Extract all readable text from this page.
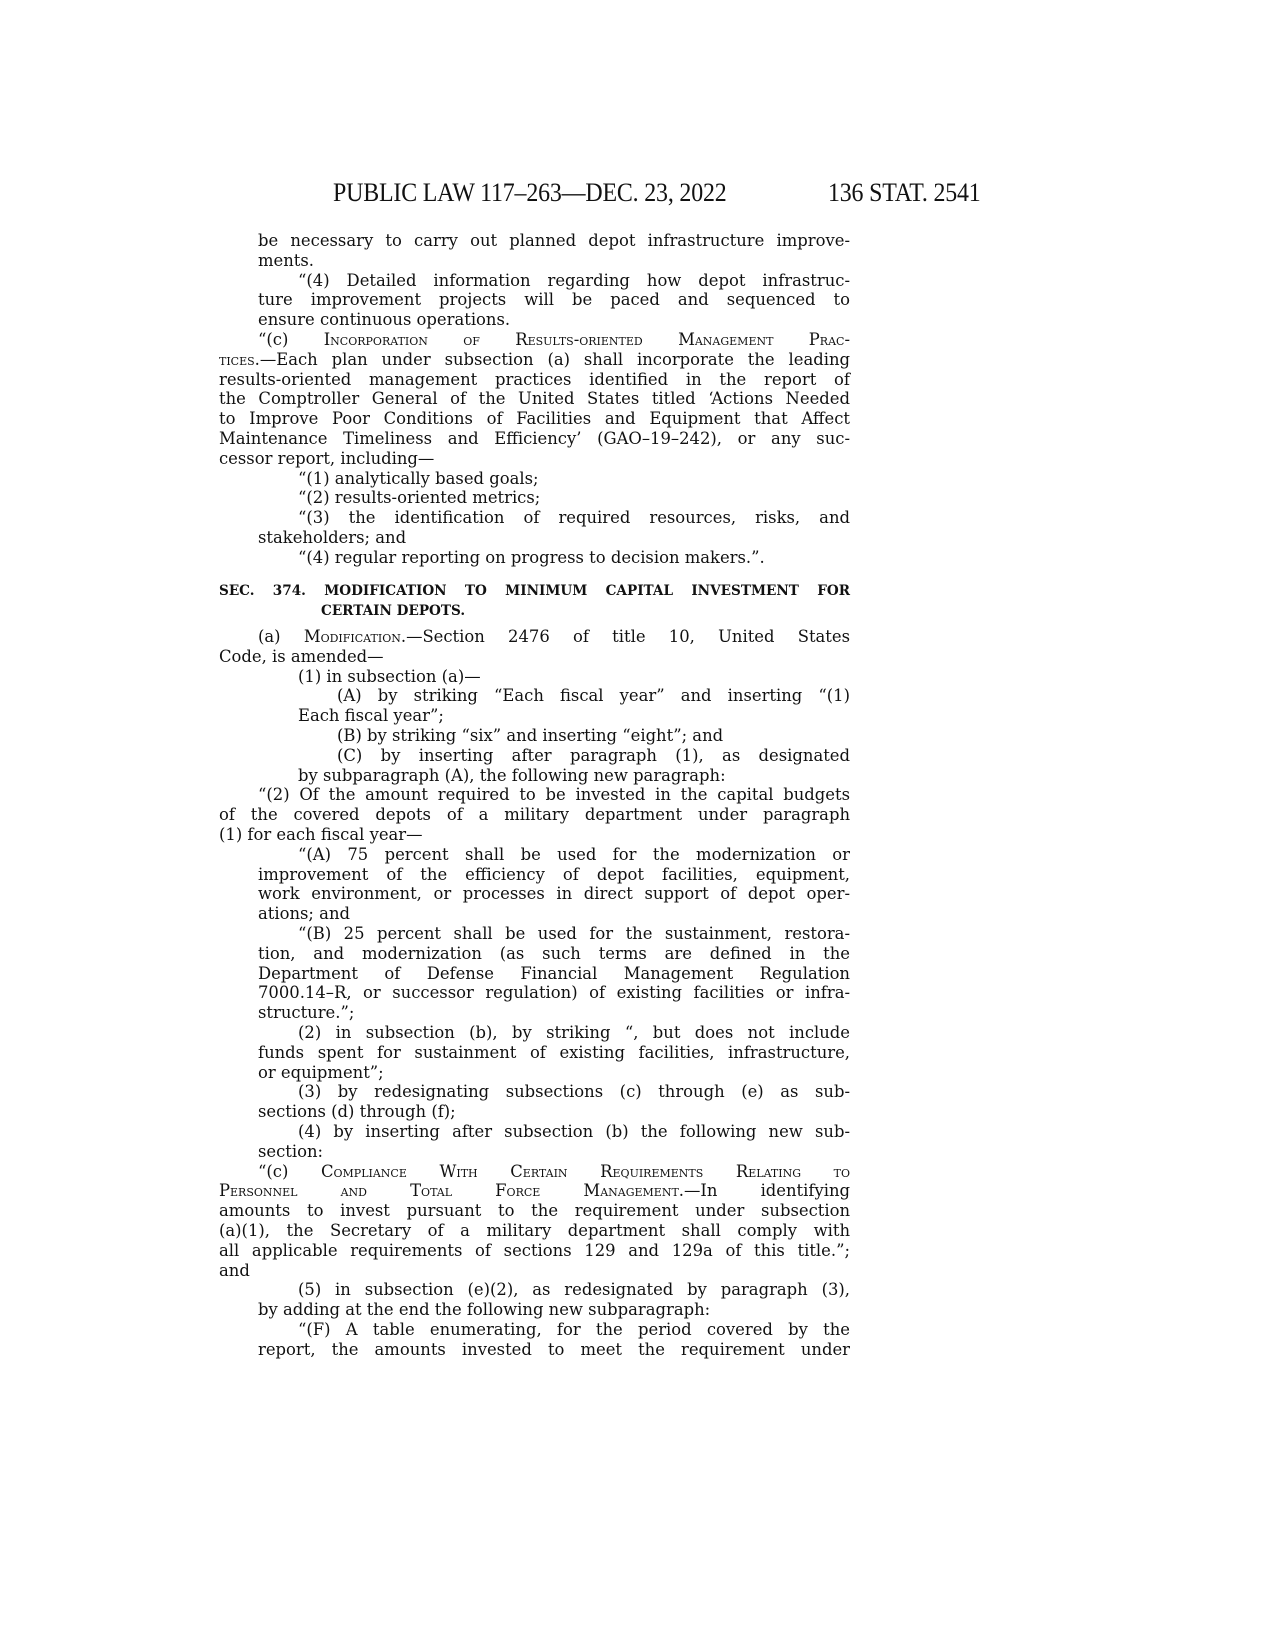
PUBLIC LAW 117–263—DEC. 23, 2022	136 STAT. 2541
be necessary to carry out planned depot infrastructure improve-
ments.
“(4) Detailed information regarding how depot infrastruc-
ture improvement projects will be paced and sequenced to
ensure continuous operations.
“(c) Incorporation of Results-oriented Management Prac-
tices.—Each plan under subsection (a) shall incorporate the leading
results-oriented management practices identified in the report of
the Comptroller General of the United States titled ‘Actions Needed
to Improve Poor Conditions of Facilities and Equipment that Affect
Maintenance Timeliness and Efficiency’ (GAO–19–242), or any suc-
cessor report, including—
“(1) analytically based goals;
“(2) results-oriented metrics;
“(3) the identification of required resources, risks, and
stakeholders; and
“(4) regular reporting on progress to decision makers.”.
SEC. 374. MODIFICATION TO MINIMUM CAPITAL INVESTMENT FOR
CERTAIN DEPOTS.
(a) Modification.—Section 2476 of title 10, United States
Code, is amended—
(1) in subsection (a)—
(A) by striking “Each fiscal year” and inserting “(1)
Each fiscal year”;
(B) by striking “six” and inserting “eight”; and
(C) by inserting after paragraph (1), as designated
by subparagraph (A), the following new paragraph:
“(2) Of the amount required to be invested in the capital budgets
of the covered depots of a military department under paragraph
(1) for each fiscal year—
“(A) 75 percent shall be used for the modernization or
improvement of the efficiency of depot facilities, equipment,
work environment, or processes in direct support of depot oper-
ations; and
“(B) 25 percent shall be used for the sustainment, restora-
tion, and modernization (as such terms are defined in the
Department of Defense Financial Management Regulation
7000.14–R, or successor regulation) of existing facilities or infra-
structure.”;
(2) in subsection (b), by striking “, but does not include
funds spent for sustainment of existing facilities, infrastructure,
or equipment”;
(3) by redesignating subsections (c) through (e) as sub-
sections (d) through (f);
(4) by inserting after subsection (b) the following new sub-
section:
“(c) Compliance With Certain Requirements Relating to
Personnel and Total Force Management.—In identifying
amounts to invest pursuant to the requirement under subsection
(a)(1), the Secretary of a military department shall comply with
all applicable requirements of sections 129 and 129a of this title.”;
and
(5) in subsection (e)(2), as redesignated by paragraph (3),
by adding at the end the following new subparagraph:
“(F) A table enumerating, for the period covered by the
report, the amounts invested to meet the requirement under
